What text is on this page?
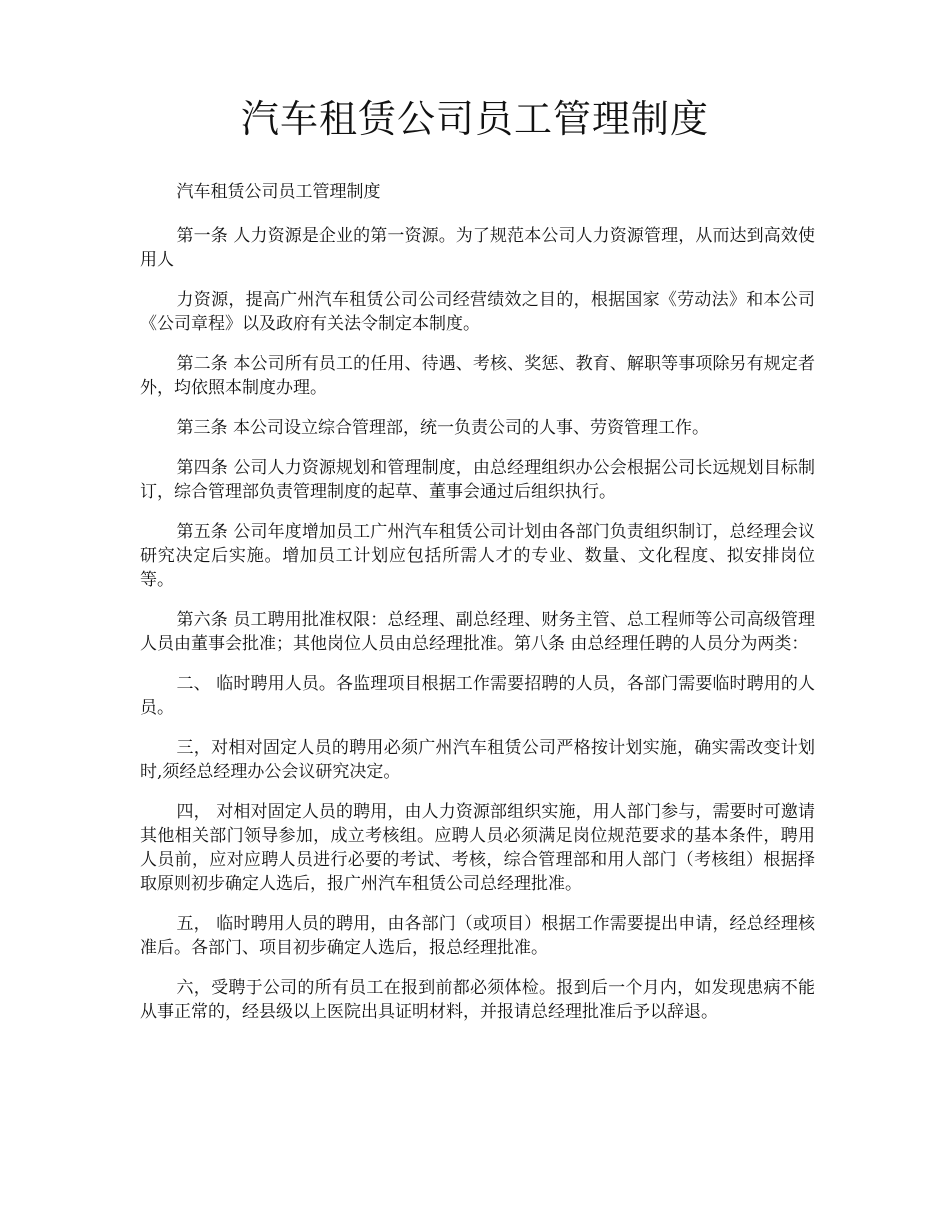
汽车租赁公司员工管理制度

汽车租赁公司员工管理制度

第一条 人力资源是企业的第一资源。为了规范本公司人力资源管理，从而达到高效使用人

力资源，提高广州汽车租赁公司公司经营绩效之目的，根据国家《劳动法》和本公司《公司章程》以及政府有关法令制定本制度。

第二条 本公司所有员工的任用、待遇、考核、奖惩、教育、解职等事项除另有规定者外，均依照本制度办理。

第三条 本公司设立综合管理部，统一负责公司的人事、劳资管理工作。

第四条 公司人力资源规划和管理制度，由总经理组织办公会根据公司长远规划目标制订，综合管理部负责管理制度的起草、董事会通过后组织执行。

第五条 公司年度增加员工广州汽车租赁公司计划由各部门负责组织制订，总经理会议研究决定后实施。增加员工计划应包括所需人才的专业、数量、文化程度、拟安排岗位等。

第六条 员工聘用批准权限：总经理、副总经理、财务主管、总工程师等公司高级管理人员由董事会批准；其他岗位人员由总经理批准。第八条 由总经理任聘的人员分为两类：

二、 临时聘用人员。各监理项目根据工作需要招聘的人员，各部门需要临时聘用的人员。

三，对相对固定人员的聘用必须广州汽车租赁公司严格按计划实施，确实需改变计划时,须经总经理办公会议研究决定。

四， 对相对固定人员的聘用，由人力资源部组织实施，用人部门参与，需要时可邀请其他相关部门领导参加，成立考核组。应聘人员必须满足岗位规范要求的基本条件，聘用人员前，应对应聘人员进行必要的考试、考核，综合管理部和用人部门（考核组）根据择取原则初步确定人选后，报广州汽车租赁公司总经理批准。

五， 临时聘用人员的聘用，由各部门（或项目）根据工作需要提出申请，经总经理核准后。各部门、项目初步确定人选后，报总经理批准。

六，受聘于公司的所有员工在报到前都必须体检。报到后一个月内，如发现患病不能从事正常的，经县级以上医院出具证明材料，并报请总经理批准后予以辞退。
